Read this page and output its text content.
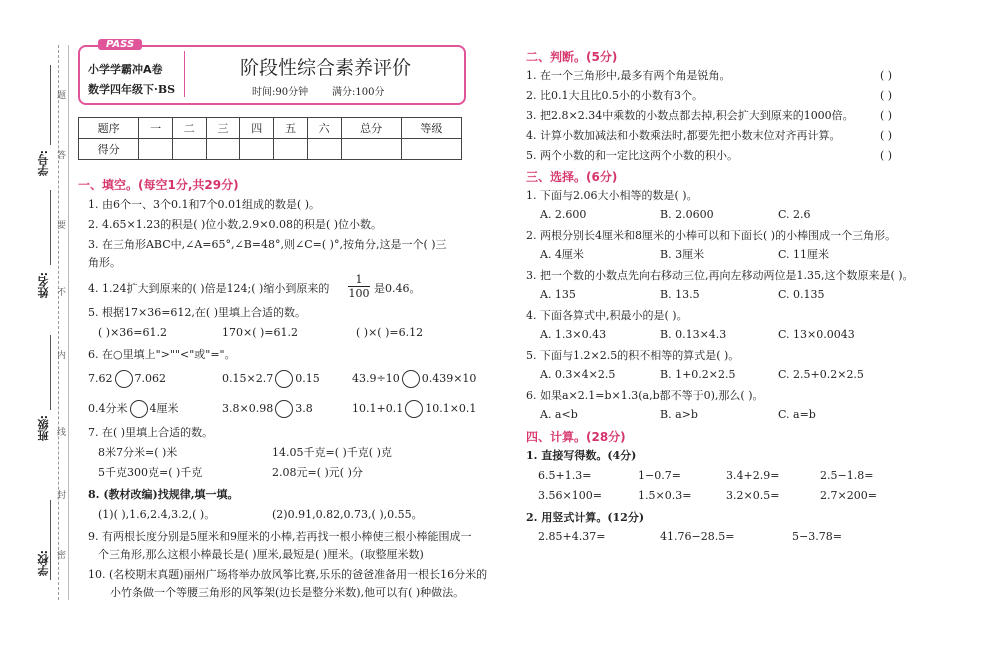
学校:
班级:
姓名:
学号:
题
答
要
不
内
线
封
密
PASS
小学学霸冲A卷
数学四年级下·BS
阶段性综合素养评价
时间:90分钟 满分:100分
题序	一	二	三	四	五	六	总分	等级
得分								
一、填空。(每空1分,共29分)
1. 由6个一、3个0.1和7个0.01组成的数是( )。
2. 4.65×1.23的积是( )位小数,2.9×0.08的积是( )位小数。
3. 在三角形ABC中,∠A=65°,∠B=48°,则∠C=( )°,按角分,这是一个( )三
角形。
4. 1.24扩大到原来的( )倍是124;( )缩小到原来的 $\frac{1}{100}$ 是0.46。
5. 根据17×36=612,在( )里填上合适的数。
( )×36=61.2	170×( )=61.2	( )×( )=6.12
6. 在○里填上">""<"或"="。
7.62 7.062	0.15×2.7 0.15	43.9÷10 0.439×10
0.4分米 4厘米	3.8×0.98 3.8	10.1+0.1 10.1×0.1
7. 在( )里填上合适的数。
8米7分米=( )米	14.05千克=( )千克( )克
5千克300克=( )千克	2.08元=( )元( )分
8. (教材改编)找规律,填一填。
(1)( ),1.6,2.4,3.2,( )。	(2)0.91,0.82,0.73,( ),0.55。
9. 有两根长度分别是5厘米和9厘米的小棒,若再找一根小棒使三根小棒能围成一
个三角形,那么这根小棒最长是( )厘米,最短是( )厘米。(取整厘米数)
10. (名校期末真题)丽州广场将举办放风筝比赛,乐乐的爸爸准备用一根长16分米的
小竹条做一个等腰三角形的风筝架(边长是整分米数),他可以有( )种做法。
二、判断。(5分)
1. 在一个三角形中,最多有两个角是锐角。	( )
2. 比0.1大且比0.5小的小数有3个。	( )
3. 把2.8×2.34中乘数的小数点都去掉,积会扩大到原来的1000倍。 ( )
4. 计算小数加减法和小数乘法时,都要先把小数末位对齐再计算。	( )
5. 两个小数的和一定比这两个小数的积小。	( )
三、选择。(6分)
1. 下面与2.06大小相等的数是( )。
A. 2.600	B. 2.0600	C. 2.6
2. 两根分别长4厘米和8厘米的小棒可以和下面长( )的小棒围成一个三角形。
A. 4厘米	B. 3厘米	C. 11厘米
3. 把一个数的小数点先向右移动三位,再向左移动两位是1.35,这个数原来是( )。
A. 135	B. 13.5	C. 0.135
4. 下面各算式中,积最小的是( )。
A. 1.3×0.43	B. 0.13×4.3	C. 13×0.0043
5. 下面与1.2×2.5的积不相等的算式是( )。
A. 0.3×4×2.5	B. 1+0.2×2.5	C. 2.5+0.2×2.5
6. 如果a×2.1=b×1.3(a,b都不等于0),那么( )。
A. a<b	B. a>b	C. a=b
四、计算。(28分)
1. 直接写得数。(4分)
6.5+1.3=	1−0.7=	3.4+2.9=	2.5−1.8=
3.56×100=	1.5×0.3=	3.2×0.5=	2.7×200=
2. 用竖式计算。(12分)
2.85+4.37=	41.76−28.5=	5−3.78=
